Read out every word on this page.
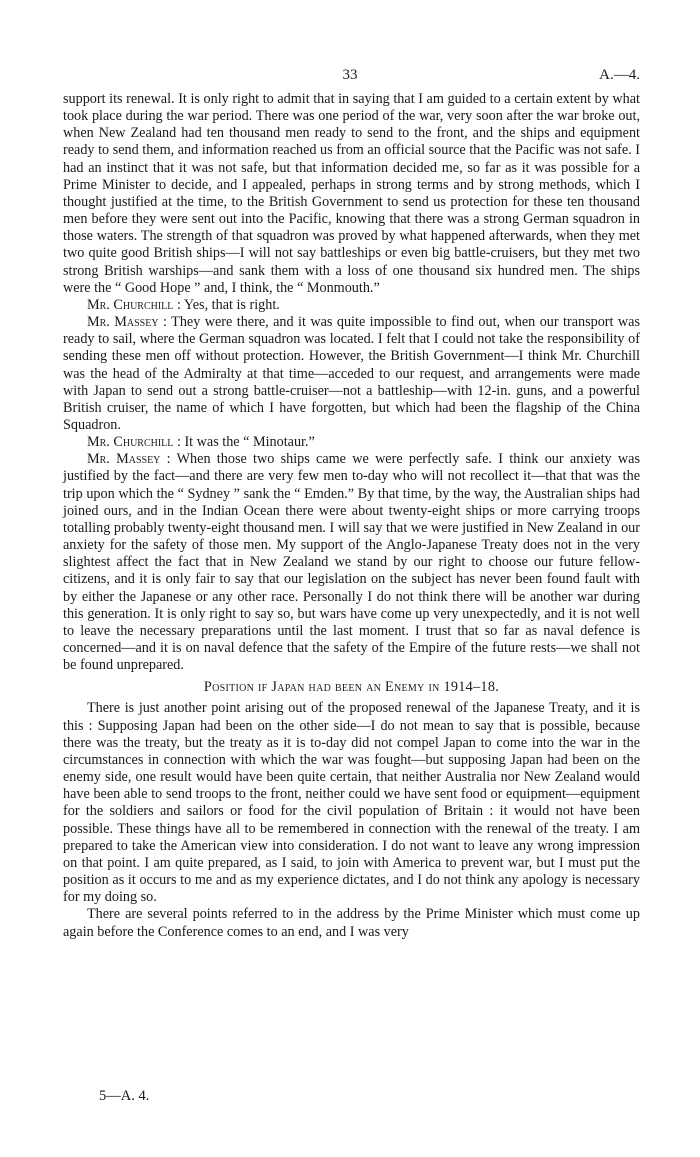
33	A.—4.

support its renewal. It is only right to admit that in saying that I am guided to a certain extent by what took place during the war period. There was one period of the war, very soon after the war broke out, when New Zealand had ten thousand men ready to send to the front, and the ships and equipment ready to send them, and information reached us from an official source that the Pacific was not safe. I had an instinct that it was not safe, but that information decided me, so far as it was possible for a Prime Minister to decide, and I appealed, perhaps in strong terms and by strong methods, which I thought justified at the time, to the British Government to send us protection for these ten thousand men before they were sent out into the Pacific, knowing that there was a strong German squadron in those waters. The strength of that squadron was proved by what happened afterwards, when they met two quite good British ships—I will not say battleships or even big battle-cruisers, but they met two strong British warships—and sank them with a loss of one thousand six hundred men. The ships were the “ Good Hope ” and, I think, the “ Monmouth.”

Mr. Churchill : Yes, that is right.

Mr. Massey : They were there, and it was quite impossible to find out, when our transport was ready to sail, where the German squadron was located. I felt that I could not take the responsibility of sending these men off without protection. However, the British Government—I think Mr. Churchill was the head of the Admiralty at that time—acceded to our request, and arrangements were made with Japan to send out a strong battle-cruiser—not a battleship—with 12-in. guns, and a powerful British cruiser, the name of which I have forgotten, but which had been the flagship of the China Squadron.

Mr. Churchill : It was the “ Minotaur.”

Mr. Massey : When those two ships came we were perfectly safe. I think our anxiety was justified by the fact—and there are very few men to-day who will not recollect it—that that was the trip upon which the “ Sydney ” sank the “ Emden.” By that time, by the way, the Australian ships had joined ours, and in the Indian Ocean there were about twenty-eight ships or more carrying troops totalling probably twenty-eight thousand men. I will say that we were justified in New Zealand in our anxiety for the safety of those men. My support of the Anglo-Japanese Treaty does not in the very slightest affect the fact that in New Zealand we stand by our right to choose our future fellow-citizens, and it is only fair to say that our legislation on the subject has never been found fault with by either the Japanese or any other race. Personally I do not think there will be another war during this generation. It is only right to say so, but wars have come up very unexpectedly, and it is not well to leave the necessary preparations until the last moment. I trust that so far as naval defence is concerned—and it is on naval defence that the safety of the Empire of the future rests—we shall not be found unprepared.

Position if Japan had been an Enemy in 1914–18.

There is just another point arising out of the proposed renewal of the Japanese Treaty, and it is this : Supposing Japan had been on the other side—I do not mean to say that is possible, because there was the treaty, but the treaty as it is to-day did not compel Japan to come into the war in the circumstances in connection with which the war was fought—but supposing Japan had been on the enemy side, one result would have been quite certain, that neither Australia nor New Zealand would have been able to send troops to the front, neither could we have sent food or equipment—equipment for the soldiers and sailors or food for the civil population of Britain : it would not have been possible. These things have all to be remembered in connection with the renewal of the treaty. I am prepared to take the American view into consideration. I do not want to leave any wrong impression on that point. I am quite prepared, as I said, to join with America to prevent war, but I must put the position as it occurs to me and as my experience dictates, and I do not think any apology is necessary for my doing so.

There are several points referred to in the address by the Prime Minister which must come up again before the Conference comes to an end, and I was very

5—A. 4.
